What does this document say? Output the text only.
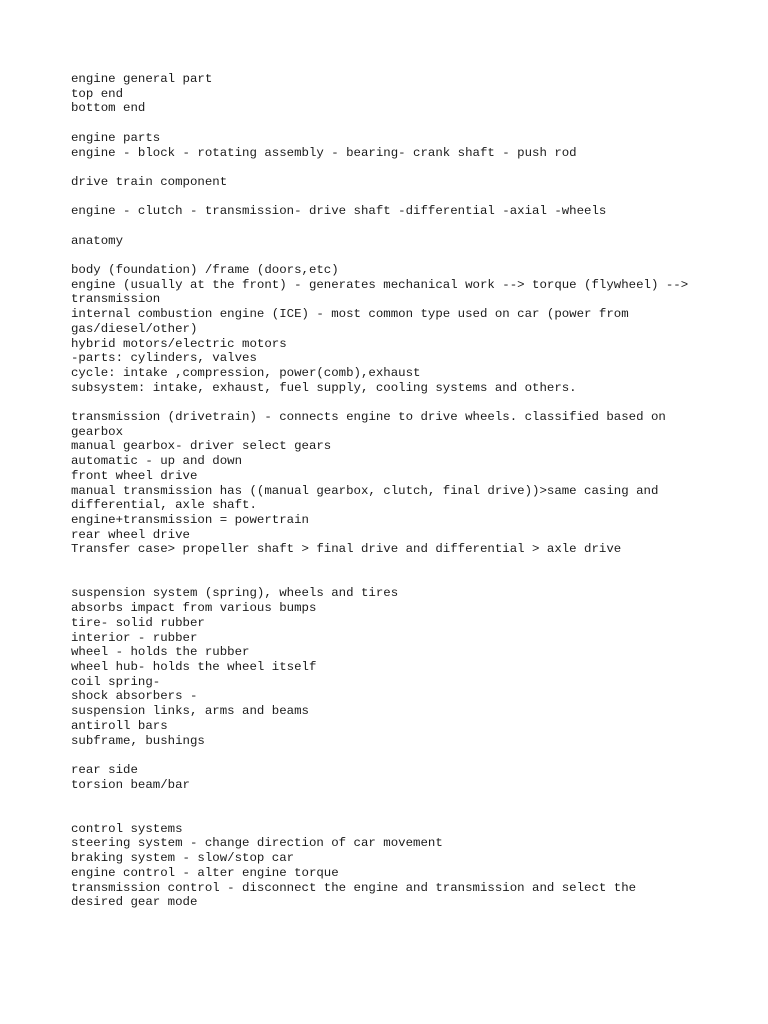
engine general part
top end
bottom end
engine parts
engine - block - rotating assembly - bearing- crank shaft - push rod
drive train component
engine - clutch - transmission- drive shaft -differential -axial -wheels
anatomy
body (foundation) /frame (doors,etc)
engine (usually at the front) - generates mechanical work --> torque (flywheel) -->
transmission
internal combustion engine (ICE) - most common type used on car (power from
gas/diesel/other)
hybrid motors/electric motors
-parts: cylinders, valves
cycle: intake ,compression, power(comb),exhaust
subsystem: intake, exhaust, fuel supply, cooling systems and others.
transmission (drivetrain) - connects engine to drive wheels. classified based on
gearbox
manual gearbox- driver select gears
automatic - up and down
front wheel drive
manual transmission has ((manual gearbox, clutch, final drive))>same casing and
differential, axle shaft.
engine+transmission = powertrain
rear wheel drive
Transfer case> propeller shaft > final drive and differential > axle drive
suspension system (spring), wheels and tires
absorbs impact from various bumps
tire- solid rubber
interior - rubber
wheel - holds the rubber
wheel hub- holds the wheel itself
coil spring-
shock absorbers -
suspension links, arms and beams
antiroll bars
subframe, bushings
rear side
torsion beam/bar
control systems
steering system - change direction of car movement
braking system - slow/stop car
engine control - alter engine torque
transmission control - disconnect the engine and transmission and select the
desired gear mode
